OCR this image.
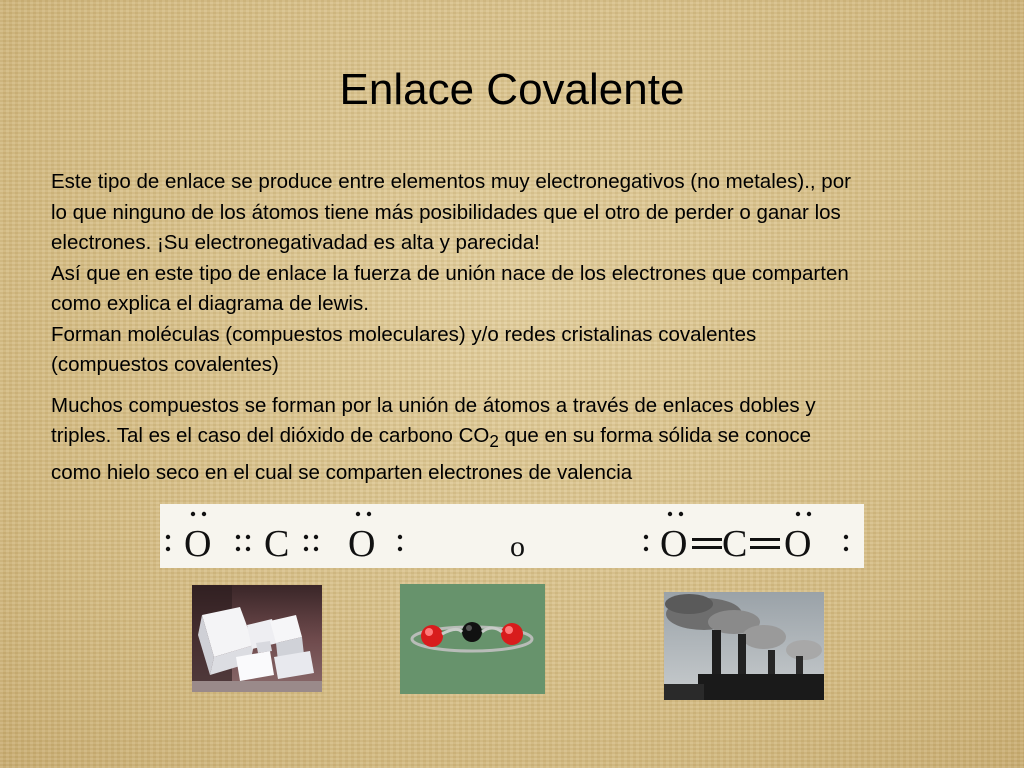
Enlace Covalente

Este tipo de enlace se produce entre elementos muy electronegativos (no metales)., por
lo que ninguno de los átomos tiene más posibilidades que el otro de perder o ganar los
electrones. ¡Su electronegativadad es alta y parecida!
Así que en este tipo de enlace la fuerza de unión nace de los electrones que comparten
como explica el diagrama de lewis.
Forman moléculas (compuestos moleculares) y/o redes cristalinas covalentes
(compuestos covalentes)

Muchos compuestos se forman por la unión de átomos a través de enlaces dobles y
triples. Tal es el caso del dióxido de carbono $CO_2$ que en su forma sólida se conoce
como hielo seco en el cual se comparten electrones de valencia

O C O	o	O C O
